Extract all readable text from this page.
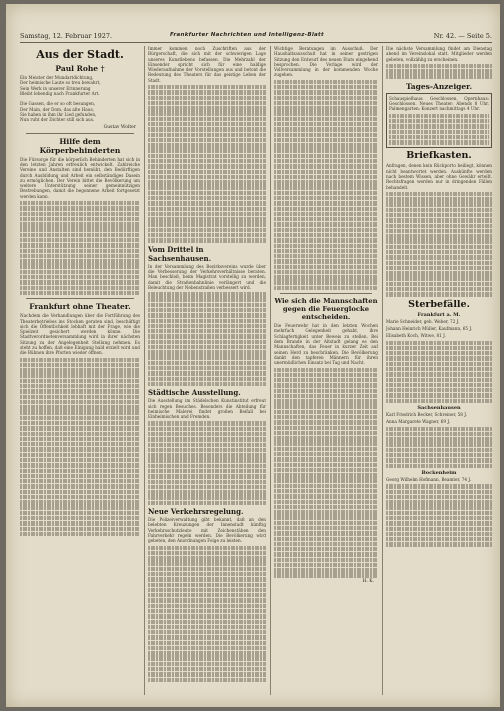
Samstag, 12. Februar 1927.	Frankfurter Nachrichten und Intelligenz-Blatt	Nr. 42. — Seite 5.
Aus der Stadt.
Paul Rohe †
Ein Meister der Mundartdichtung,
Der heimische Laute so treu bewahrt,
Sein Werk in unserer Erinnerung
Bleibt lebendig nach Frankfurter Art.

Die Gassen, die er so oft besungen,
Der Main, der Dom, das alte Haus,
Sie haben in ihm ihr Lied gefunden,
Nun ruht der Dichter still sich aus.
Gustav Wolter
Hilfe dem Körperbehinderten

Die Fürsorge für die körperlich Behinderten hat sich in den letzten Jahren erfreulich entwickelt. Zahlreiche Vereine und Anstalten sind bemüht, den Bedürftigen durch Ausbildung und Arbeit ein selbständiges Dasein zu ermöglichen. Der Verein bittet die Bevölkerung um weitere Unterstützung seiner gemeinnützigen Bestrebungen, damit die begonnene Arbeit fortgesetzt werden kann.

Frankfurt ohne Theater.

Nachdem die Verhandlungen über die Fortführung des Theaterbetriebes ins Stocken geraten sind, beschäftigt sich die Öffentlichkeit lebhaft mit der Frage, wie die Spielzeit gesichert werden könne. Die Stadtverordnetenversammlung wird in ihrer nächsten Sitzung zu der Angelegenheit Stellung nehmen. Es steht zu hoffen, daß eine Einigung bald erzielt wird und die Bühnen ihre Pforten wieder öffnen.

Immer kommen noch Zuschriften aus der Bürgerschaft, die sich mit der schwierigen Lage unseres Kunstlebens befassen. Die Mehrzahl der Einsender spricht sich für eine baldige Wiederaufnahme der Vorstellungen aus und betont die Bedeutung des Theaters für das geistige Leben der Stadt.

Vom Drittel in Sachsenhausen.

In der Versammlung des Bezirksvereins wurde über die Verbesserung der Verkehrsverhältnisse beraten. Man beschloß, beim Magistrat vorstellig zu werden, damit die Straßenbahnlinie verlängert und die Beleuchtung der Nebenstraßen verbessert wird.

Städtische Ausstellung.

Die Ausstellung im Städelschen Kunstinstitut erfreut sich regen Besuches. Besonders die Abteilung für heimische Malerei findet großen Beifall bei Einheimischen und Fremden.

Neue Verkehrsregelung.

Die Polizeiverwaltung gibt bekannt, daß an den belebten Kreuzungen der Innenstadt künftig Verkehrsschutzleute mit Zeichenstäben den Fahrverkehr regeln werden. Die Bevölkerung wird gebeten, den Anordnungen Folge zu leisten.

Wichtige Beratungen im Ausschuß. Der Haushaltsausschuß hat in seiner gestrigen Sitzung den Entwurf des neuen Etats eingehend besprochen. Die Vorlage wird der Vollversammlung in der kommenden Woche zugehen.

Wie sich die Mannschaften gegen die Feuerglocke entscheiden.

Die Feuerwehr hat in den letzten Wochen mehrfach Gelegenheit gehabt, ihre Schlagfertigkeit unter Beweis zu stellen. Bei dem Brande in der Altstadt gelang es den Mannschaften, das Feuer in kurzer Zeit auf seinen Herd zu beschränken. Die Bevölkerung dankt den tapferen Männern für ihren unermüdlichen Einsatz bei Tag und Nacht.

H. K.

Die nächste Versammlung findet am Dienstag abend im Vereinslokal statt. Mitglieder werden gebeten, vollzählig zu erscheinen.

Tages-Anzeiger.

Schauspielhaus: Geschlossen. Opernhaus: Geschlossen. Neues Theater: Abends 8 Uhr. Palmengarten: Konzert nachmittags 4 Uhr.

Briefkasten.

Anfragen, denen kein Rückporto beiliegt, können nicht beantwortet werden. Auskünfte werden nach bestem Wissen, aber ohne Gewähr erteilt. Rechtsfragen werden nur in dringenden Fällen behandelt.

Sterbefälle.
Frankfurt a. M.
Marie Schneider, geb. Weber, 72 J.
Johann Heinrich Müller, Kaufmann, 65 J.
Elisabeth Koch, Witwe, 81 J.
Sachsenhausen
Karl Friedrich Becker, Schreiner, 58 J.
Anna Margarete Wagner, 69 J.
Bockenheim
Georg Wilhelm Hofmann, Beamter, 74 J.
